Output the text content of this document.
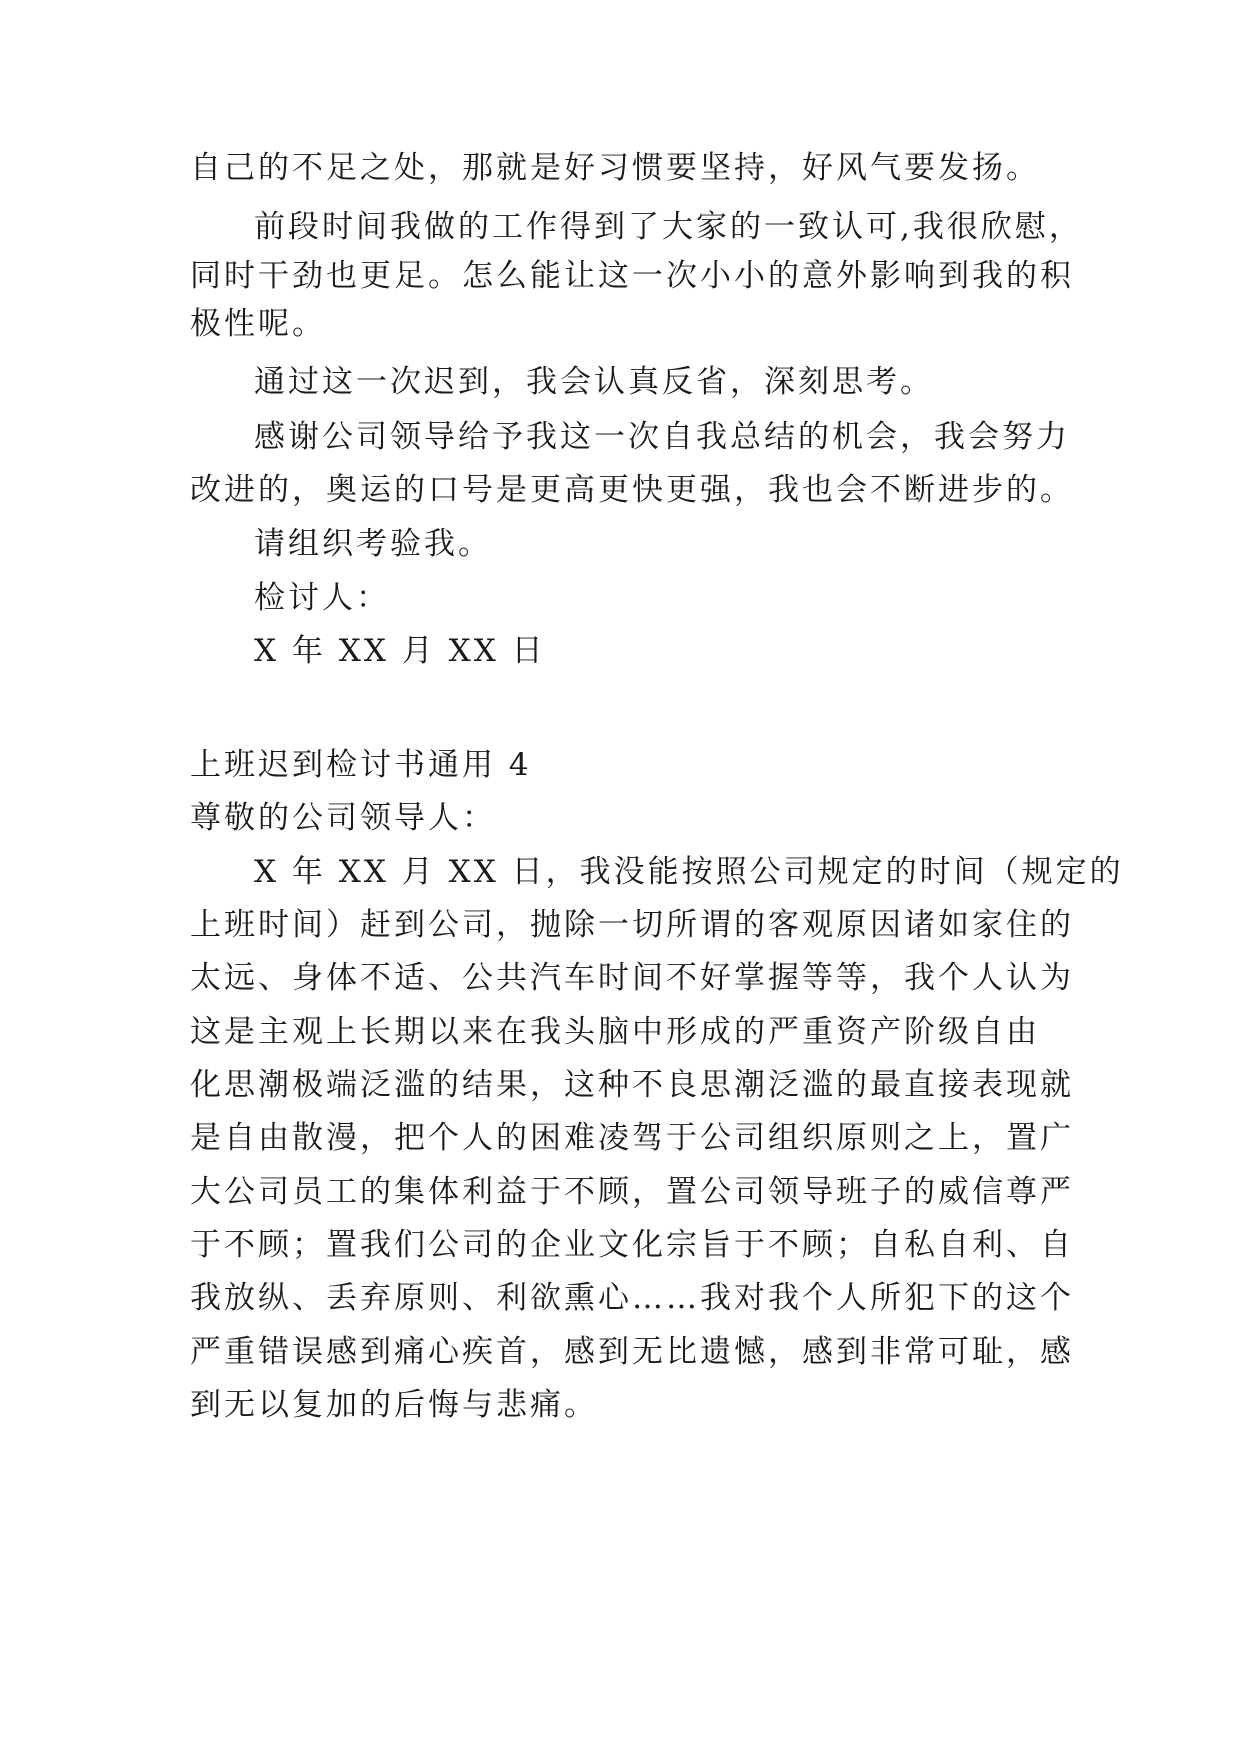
自己的不足之处，那就是好习惯要坚持，好风气要发扬。
前段时间我做的工作得到了大家的一致认可,我很欣慰，
同时干劲也更足。怎么能让这一次小小的意外影响到我的积
极性呢。
通过这一次迟到，我会认真反省，深刻思考。
感谢公司领导给予我这一次自我总结的机会，我会努力
改进的，奥运的口号是更高更快更强，我也会不断进步的。
请组织考验我。
检讨人：
X 年 XX 月 XX 日
上班迟到检讨书通用 4
尊敬的公司领导人：
X 年 XX 月 XX 日，我没能按照公司规定的时间（规定的
上班时间）赶到公司，抛除一切所谓的客观原因诸如家住的
太远、身体不适、公共汽车时间不好掌握等等，我个人认为
这是主观上长期以来在我头脑中形成的严重资产阶级自由
化思潮极端泛滥的结果，这种不良思潮泛滥的最直接表现就
是自由散漫，把个人的困难凌驾于公司组织原则之上，置广
大公司员工的集体利益于不顾，置公司领导班子的威信尊严
于不顾；置我们公司的企业文化宗旨于不顾；自私自利、自
我放纵、丢弃原则、利欲熏心……我对我个人所犯下的这个
严重错误感到痛心疾首，感到无比遗憾，感到非常可耻，感
到无以复加的后悔与悲痛。
